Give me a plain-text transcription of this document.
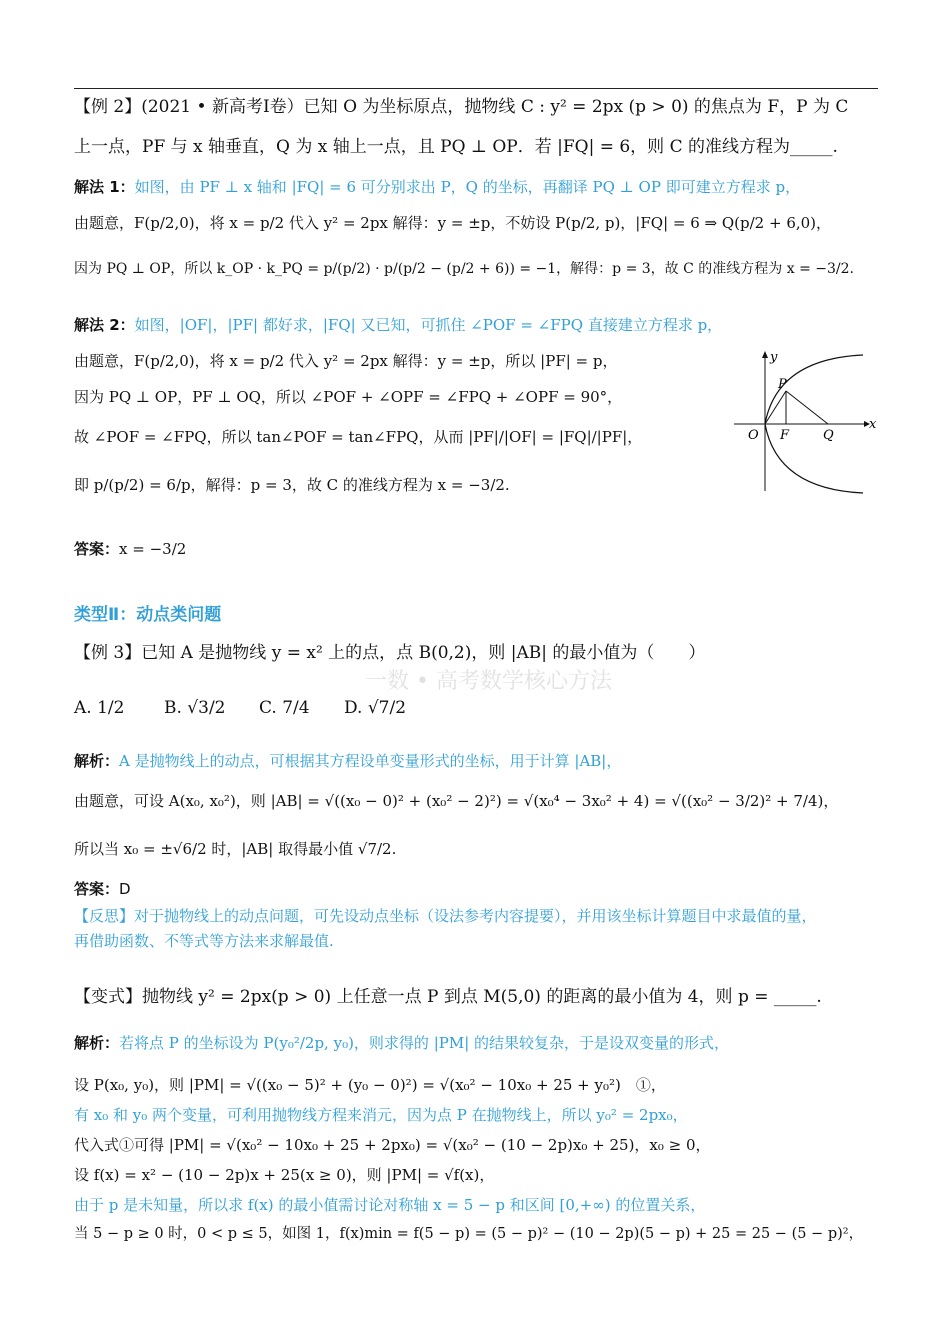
一数 • 高考数学核心方法
【例 2】(2021 • 新高考Ⅰ卷）已知 O 为坐标原点，抛物线 C : y² = 2px (p > 0) 的焦点为 F，P 为 C
上一点，PF 与 x 轴垂直，Q 为 x 轴上一点，且 PQ ⊥ OP．若 |FQ| = 6，则 C 的准线方程为_____.
解法 1：如图，由 PF ⊥ x 轴和 |FQ| = 6 可分别求出 P，Q 的坐标，再翻译 PQ ⊥ OP 即可建立方程求 p，
由题意，F(p/2,0)，将 x = p/2 代入 y² = 2px 解得：y = ±p，不妨设 P(p/2, p)，|FQ| = 6 ⇒ Q(p/2 + 6,0)，
因为 PQ ⊥ OP，所以 k_OP · k_PQ = p/(p/2) · p/(p/2 − (p/2 + 6)) = −1，解得：p = 3，故 C 的准线方程为 x = −3/2.
解法 2：如图，|OF|，|PF| 都好求，|FQ| 又已知，可抓住 ∠POF = ∠FPQ 直接建立方程求 p，
由题意，F(p/2,0)，将 x = p/2 代入 y² = 2px 解得：y = ±p，所以 |PF| = p，
因为 PQ ⊥ OP，PF ⊥ OQ，所以 ∠POF + ∠OPF = ∠FPQ + ∠OPF = 90°，
故 ∠POF = ∠FPQ，所以 tan∠POF = tan∠FPQ，从而 |PF|/|OF| = |FQ|/|PF|，
即 p/(p/2) = 6/p，解得：p = 3，故 C 的准线方程为 x = −3/2.
答案：x = −3/2
y
x
P
O F	Q
类型Ⅱ：动点类问题
【例 3】已知 A 是抛物线 y = x² 上的点，点 B(0,2)，则 |AB| 的最小值为（　　）
A. 1/2 B. √3/2 C. 7/4 D. √7/2
解析：A 是抛物线上的动点，可根据其方程设单变量形式的坐标，用于计算 |AB|，
由题意，可设 A(x₀, x₀²)，则 |AB| = √((x₀ − 0)² + (x₀² − 2)²) = √(x₀⁴ − 3x₀² + 4) = √((x₀² − 3/2)² + 7/4)，
所以当 x₀ = ±√6/2 时，|AB| 取得最小值 √7/2.
答案：D
【反思】对于抛物线上的动点问题，可先设动点坐标（设法参考内容提要），并用该坐标计算题目中求最值的量，
再借助函数、不等式等方法来求解最值.
【变式】抛物线 y² = 2px(p > 0) 上任意一点 P 到点 M(5,0) 的距离的最小值为 4，则 p = _____.
解析：若将点 P 的坐标设为 P(y₀²/2p, y₀)，则求得的 |PM| 的结果较复杂，于是设双变量的形式，
设 P(x₀, y₀)，则 |PM| = √((x₀ − 5)² + (y₀ − 0)²) = √(x₀² − 10x₀ + 25 + y₀²)　①，
有 x₀ 和 y₀ 两个变量，可利用抛物线方程来消元，因为点 P 在抛物线上，所以 y₀² = 2px₀，
代入式①可得 |PM| = √(x₀² − 10x₀ + 25 + 2px₀) = √(x₀² − (10 − 2p)x₀ + 25)，x₀ ≥ 0，
设 f(x) = x² − (10 − 2p)x + 25(x ≥ 0)，则 |PM| = √f(x)，
由于 p 是未知量，所以求 f(x) 的最小值需讨论对称轴 x = 5 − p 和区间 [0,+∞) 的位置关系，
当 5 − p ≥ 0 时，0 < p ≤ 5，如图 1，f(x)min = f(5 − p) = (5 − p)² − (10 − 2p)(5 − p) + 25 = 25 − (5 − p)²，
